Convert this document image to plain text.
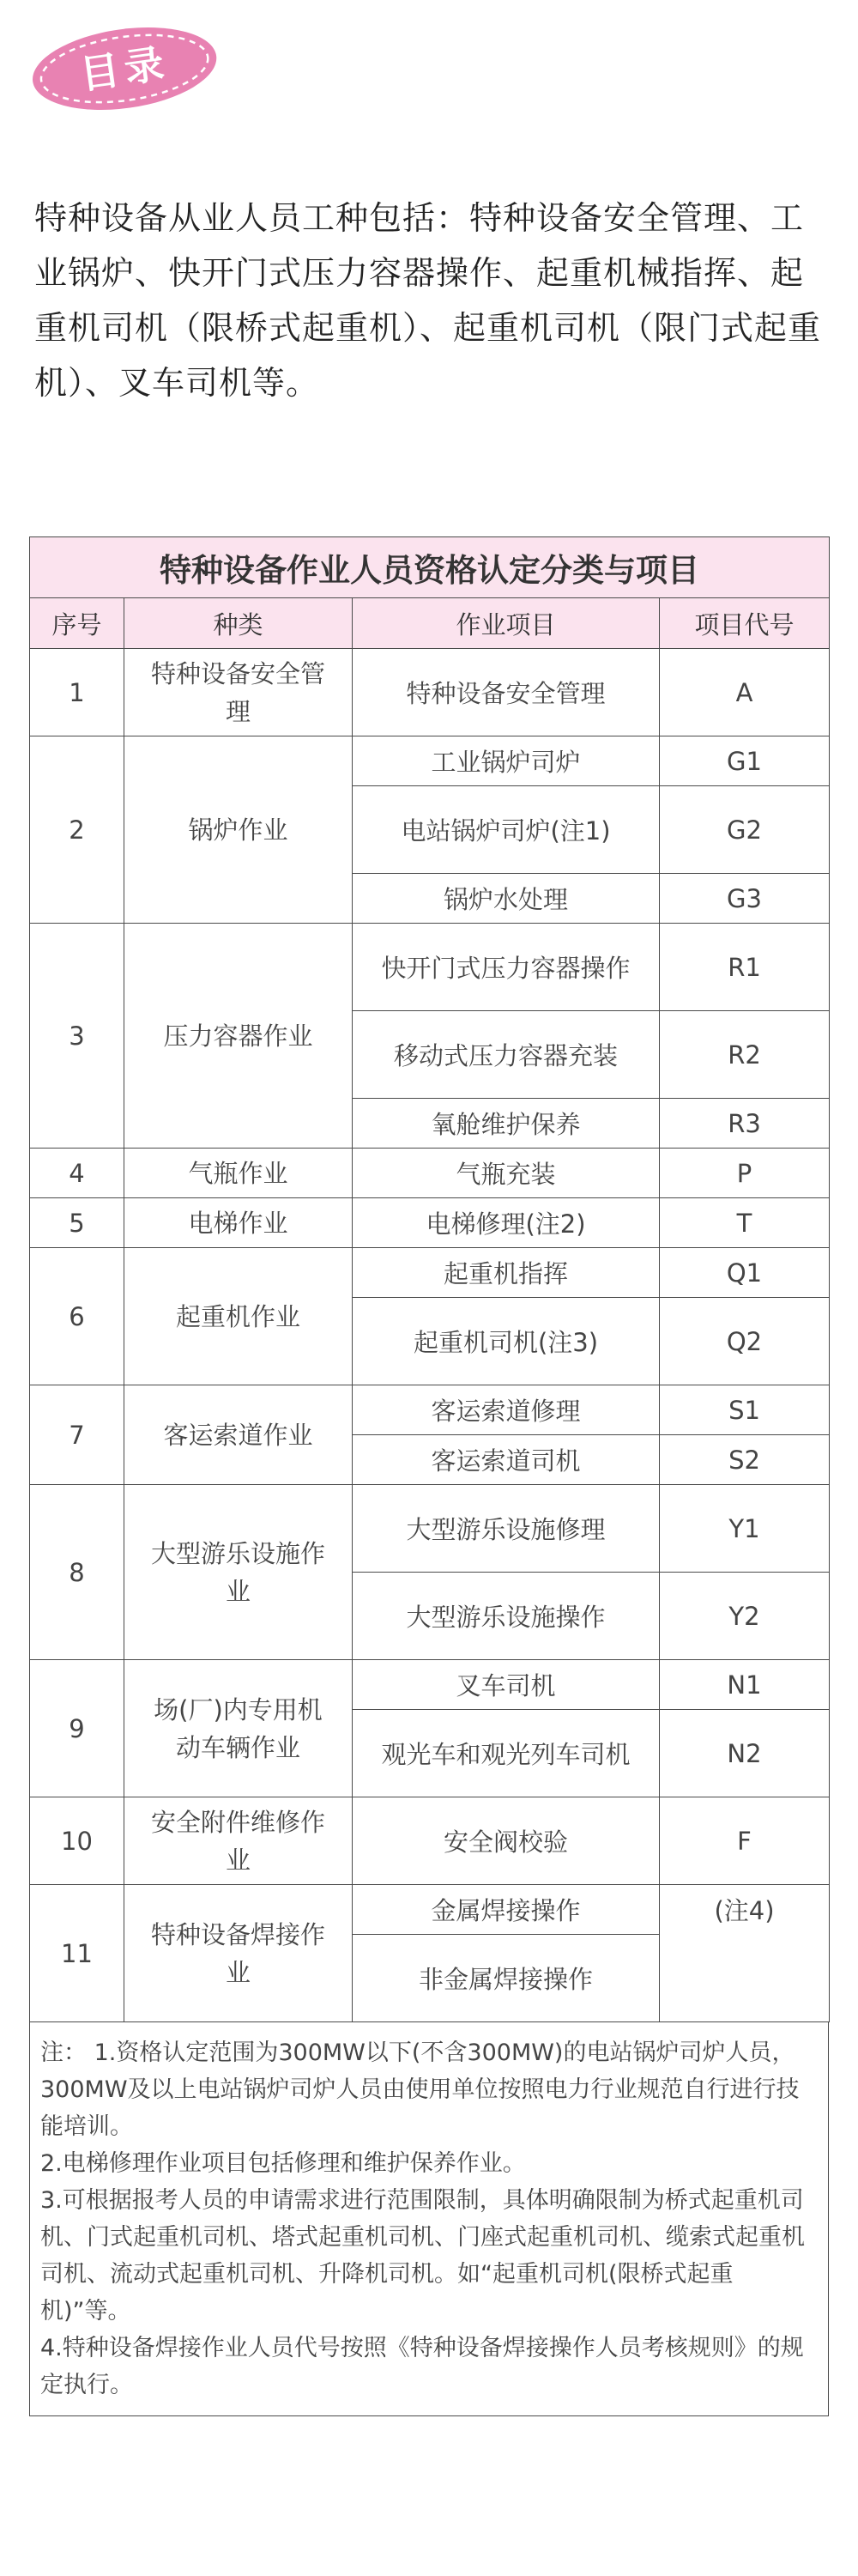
目录
特种设备从业人员工种包括：特种设备安全管理、工业锅炉、快开门式压力容器操作、起重机械指挥、起重机司机（限桥式起重机）、起重机司机（限门式起重机）、叉车司机等。
特种设备作业人员资格认定分类与项目			
序号	种类	作业项目	项目代号
1	特种设备安全管理	特种设备安全管理	A
2	锅炉作业	工业锅炉司炉	G1
		电站锅炉司炉(注1)	G2
		锅炉水处理	G3
3	压力容器作业	快开门式压力容器操作	R1
		移动式压力容器充装	R2
		氧舱维护保养	R3
4	气瓶作业	气瓶充装	P
5	电梯作业	电梯修理(注2)	T
6	起重机作业	起重机指挥	Q1
		起重机司机(注3)	Q2
7	客运索道作业	客运索道修理	S1
		客运索道司机	S2
8	大型游乐设施作业	大型游乐设施修理	Y1
		大型游乐设施操作	Y2
9	场(厂)内专用机动车辆作业	叉车司机	N1
		观光车和观光列车司机	N2
10	安全附件维修作业	安全阀校验	F
11	特种设备焊接作业	金属焊接操作	(注4)
		非金属焊接操作	

注： 1.资格认定范围为300MW以下(不含300MW)的电站锅炉司炉人员，300MW及以上电站锅炉司炉人员由使用单位按照电力行业规范自行进行技能培训。

2.电梯修理作业项目包括修理和维护保养作业。

3.可根据报考人员的申请需求进行范围限制，具体明确限制为桥式起重机司机、门式起重机司机、塔式起重机司机、门座式起重机司机、缆索式起重机司机、流动式起重机司机、升降机司机。如“起重机司机(限桥式起重机)”等。

4.特种设备焊接作业人员代号按照《特种设备焊接操作人员考核规则》的规定执行。
